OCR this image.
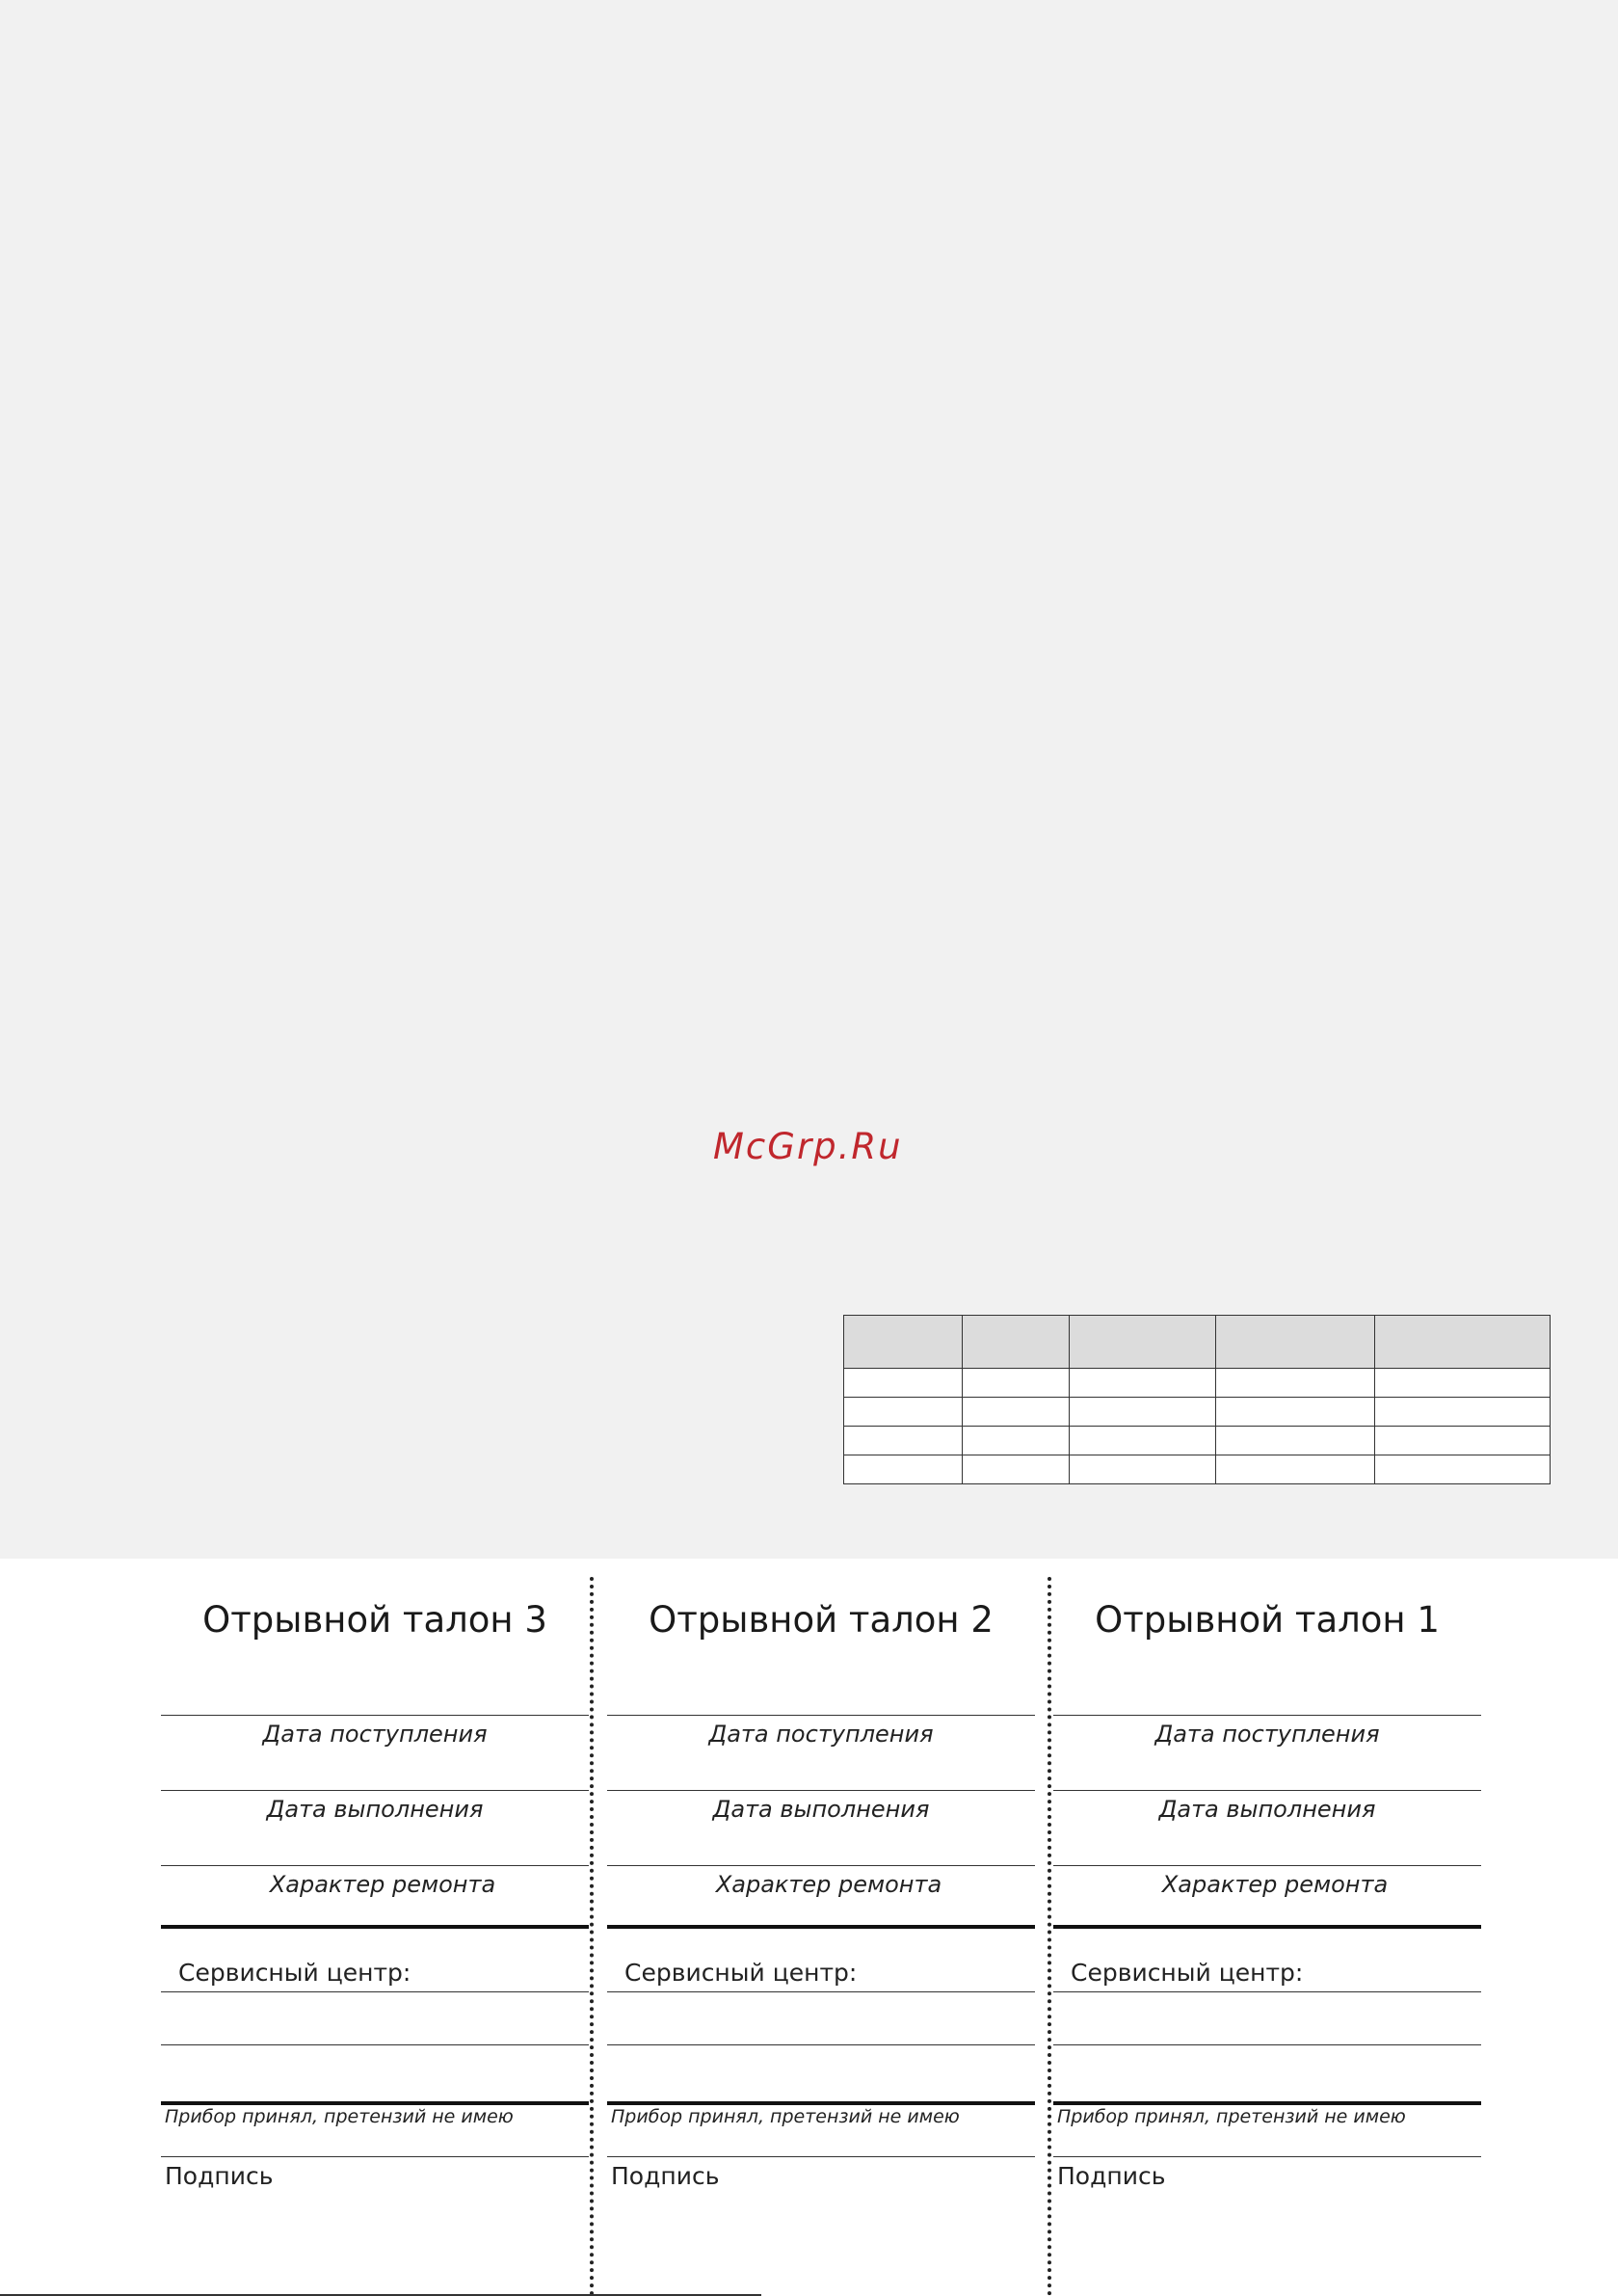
McGrp.Ru

Отрывной талон 3
Дата поступления
Дата выполнения
Характер ремонта
Сервисный центр:
Прибор принял, претензий не имею
Подпись
Отрывной талон 2
Дата поступления
Дата выполнения
Характер ремонта
Сервисный центр:
Прибор принял, претензий не имею
Подпись
Отрывной талон 1
Дата поступления
Дата выполнения
Характер ремонта
Сервисный центр:
Прибор принял, претензий не имею
Подпись
